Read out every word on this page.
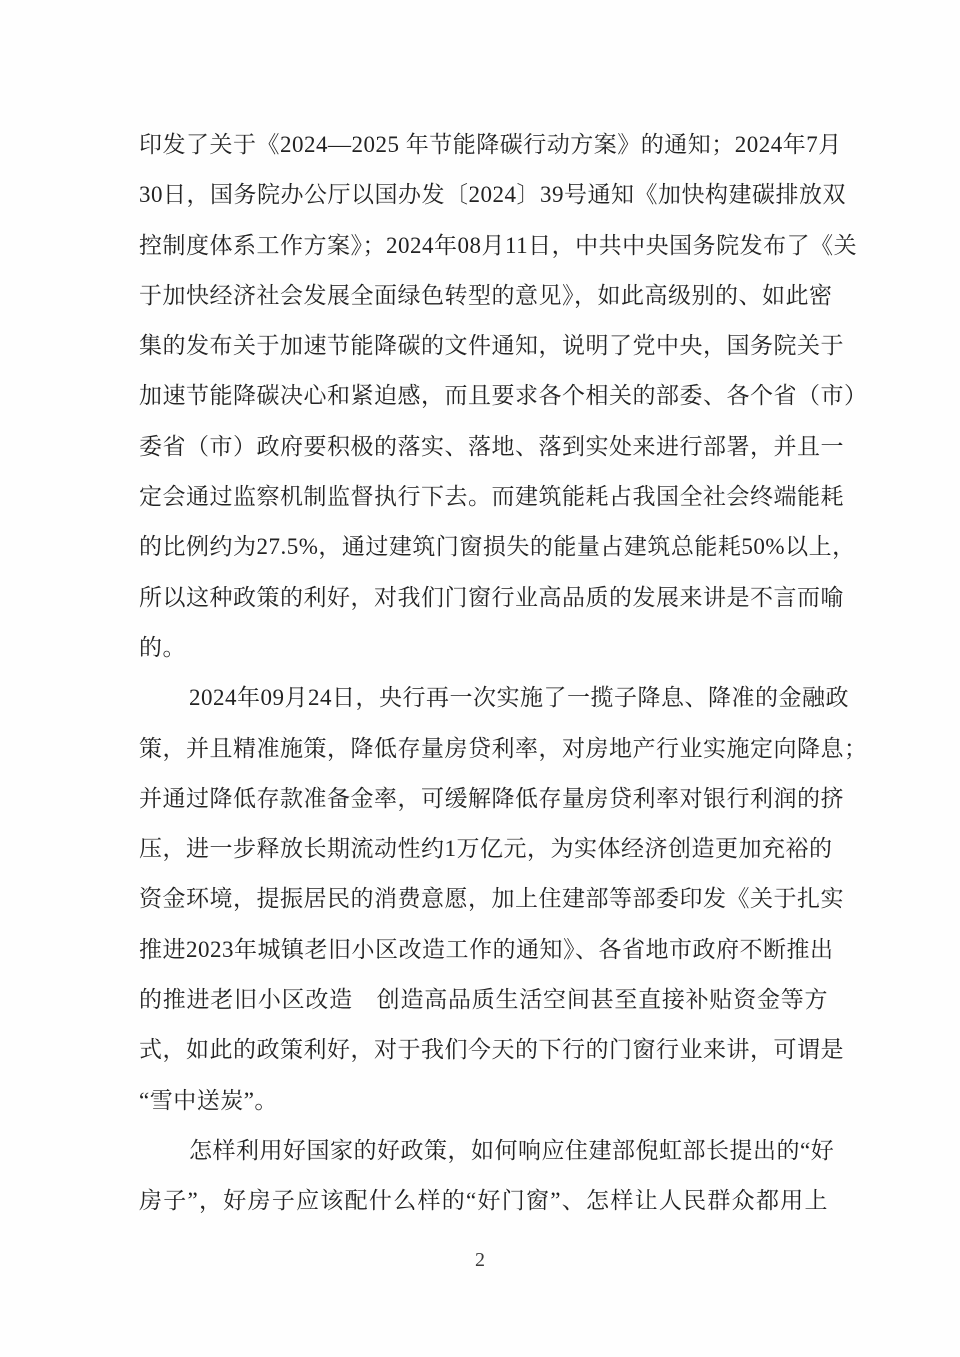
印发了关于《2024—2025 年节能降碳行动方案》的通知；2024年7月
30日，国务院办公厅以国办发〔2024〕39号通知《加快构建碳排放双
控制度体系工作方案》；2024年08月11日，中共中央国务院发布了《关
于加快经济社会发展全面绿色转型的意见》，如此高级别的、如此密
集的发布关于加速节能降碳的文件通知，说明了党中央，国务院关于
加速节能降碳决心和紧迫感，而且要求各个相关的部委、各个省（市）
委省（市）政府要积极的落实、落地、落到实处来进行部署，并且一
定会通过监察机制监督执行下去。而建筑能耗占我国全社会终端能耗
的比例约为27.5%，通过建筑门窗损失的能量占建筑总能耗50%以上，
所以这种政策的利好，对我们门窗行业高品质的发展来讲是不言而喻
的。
2024年09月24日，央行再一次实施了一揽子降息、降准的金融政
策，并且精准施策，降低存量房贷利率，对房地产行业实施定向降息；
并通过降低存款准备金率，可缓解降低存量房贷利率对银行利润的挤
压，进一步释放长期流动性约1万亿元，为实体经济创造更加充裕的
资金环境，提振居民的消费意愿，加上住建部等部委印发《关于扎实
推进2023年城镇老旧小区改造工作的通知》、各省地市政府不断推出
的推进老旧小区改造　创造高品质生活空间甚至直接补贴资金等方
式，如此的政策利好，对于我们今天的下行的门窗行业来讲，可谓是
“雪中送炭”。
怎样利用好国家的好政策，如何响应住建部倪虹部长提出的“好
房子”，好房子应该配什么样的“好门窗”、怎样让人民群众都用上
2
